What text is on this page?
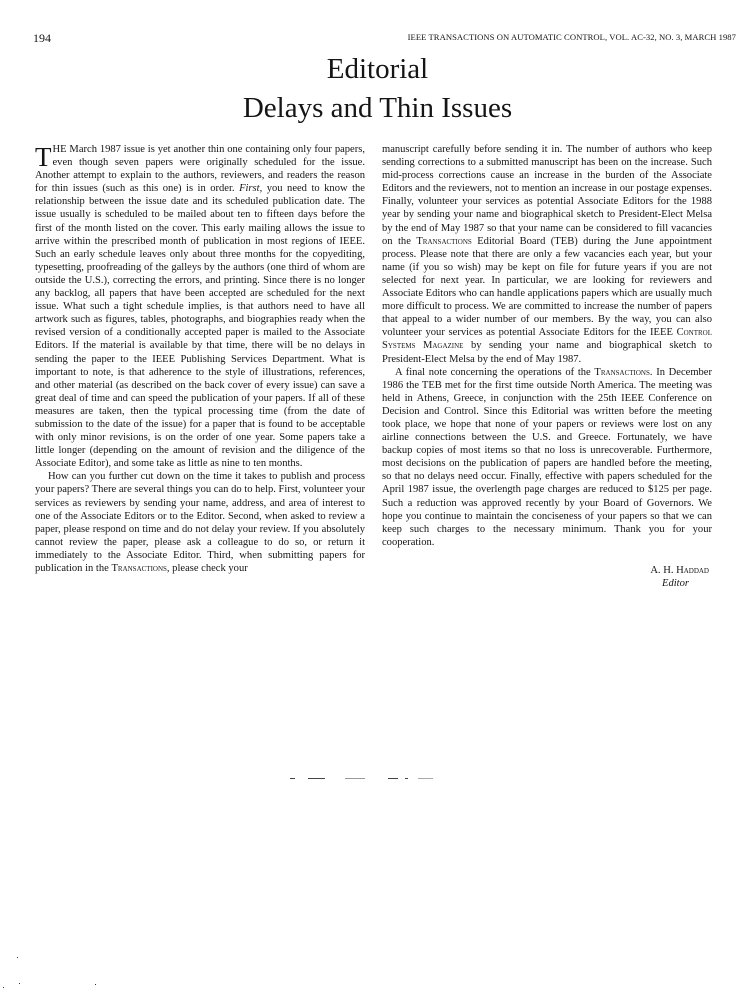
194	IEEE TRANSACTIONS ON AUTOMATIC CONTROL, VOL. AC-32, NO. 3, MARCH 1987
Editorial
Delays and Thin Issues

THE March 1987 issue is yet another thin one containing only four papers, even though seven papers were originally scheduled for the issue. Another attempt to explain to the authors, reviewers, and readers the reason for thin issues (such as this one) is in order. First, you need to know the relationship between the issue date and its scheduled publication date. The issue usually is scheduled to be mailed about ten to fifteen days before the first of the month listed on the cover. This early mailing allows the issue to arrive within the prescribed month of publication in most regions of IEEE. Such an early schedule leaves only about three months for the copyediting, typesetting, proofreading of the galleys by the authors (one third of whom are outside the U.S.), correcting the errors, and printing. Since there is no longer any backlog, all papers that have been accepted are scheduled for the next issue. What such a tight schedule implies, is that authors need to have all artwork such as figures, tables, photographs, and biographies ready when the revised version of a conditionally accepted paper is mailed to the Associate Editors. If the material is available by that time, there will be no delays in sending the paper to the IEEE Publishing Services Department. What is important to note, is that adherence to the style of illustrations, references, and other material (as described on the back cover of every issue) can save a great deal of time and can speed the publication of your papers. If all of these measures are taken, then the typical processing time (from the date of submission to the date of the issue) for a paper that is found to be acceptable with only minor revisions, is on the order of one year. Some papers take a little longer (depending on the amount of revision and the diligence of the Associate Editor), and some take as little as nine to ten months.

How can you further cut down on the time it takes to publish and process your papers? There are several things you can do to help. First, volunteer your services as reviewers by sending your name, address, and area of interest to one of the Associate Editors or to the Editor. Second, when asked to review a paper, please respond on time and do not delay your review. If you absolutely cannot review the paper, please ask a colleague to do so, or return it immediately to the Associate Editor. Third, when submitting papers for publication in the Transactions, please check your

manuscript carefully before sending it in. The number of authors who keep sending corrections to a submitted manuscript has been on the increase. Such mid-process corrections cause an increase in the burden of the Associate Editors and the reviewers, not to mention an increase in our postage expenses. Finally, volunteer your services as potential Associate Editors for the 1988 year by sending your name and biographical sketch to President-Elect Melsa by the end of May 1987 so that your name can be considered to fill vacancies on the Transactions Editorial Board (TEB) during the June appointment process. Please note that there are only a few vacancies each year, but your name (if you so wish) may be kept on file for future years if you are not selected for next year. In particular, we are looking for reviewers and Associate Editors who can handle applications papers which are usually much more difficult to process. We are committed to increase the number of papers that appeal to a wider number of our members. By the way, you can also volunteer your services as potential Associate Editors for the IEEE Control Systems Magazine by sending your name and biographical sketch to President-Elect Melsa by the end of May 1987.

A final note concerning the operations of the Transactions. In December 1986 the TEB met for the first time outside North America. The meeting was held in Athens, Greece, in conjunction with the 25th IEEE Conference on Decision and Control. Since this Editorial was written before the meeting took place, we hope that none of your papers or reviews were lost on any airline connections between the U.S. and Greece. Fortunately, we have backup copies of most items so that no loss is unrecoverable. Furthermore, most decisions on the publication of papers are handled before the meeting, so that no delays need occur. Finally, effective with papers scheduled for the April 1987 issue, the overlength page charges are reduced to $125 per page. Such a reduction was approved recently by your Board of Governors. We hope you continue to maintain the conciseness of your papers so that we can keep such charges to the necessary minimum. Thank you for your cooperation.

A. H. Haddad
Editor
